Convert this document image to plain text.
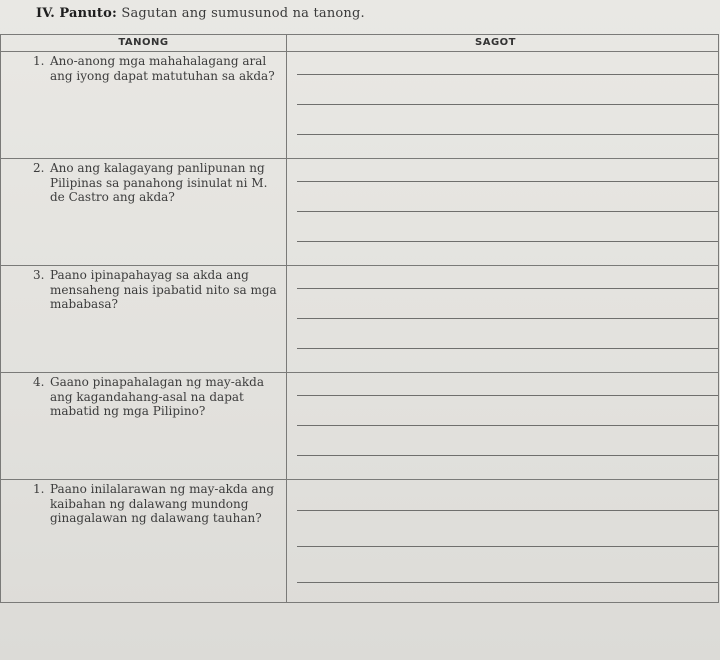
IV. Panuto: Sagutan ang sumusunod na tanong.
TANONG	SAGOT

1. Ano-anong mga mahahalagang aral ang iyong dapat matutuhan sa akda?	

2. Ano ang kalagayang panlipunan ng Pilipinas sa panahong isinulat ni M. de Castro ang akda?	

3. Paano ipinapahayag sa akda ang mensaheng nais ipabatid nito sa mga mababasa?	

4. Gaano pinapahalagan ng may-akda ang kagandahang-asal na dapat mabatid ng mga Pilipino?	

1. Paano inilalarawan ng may-akda ang kaibahan ng dalawang mundong ginagalawan ng dalawang tauhan?	
